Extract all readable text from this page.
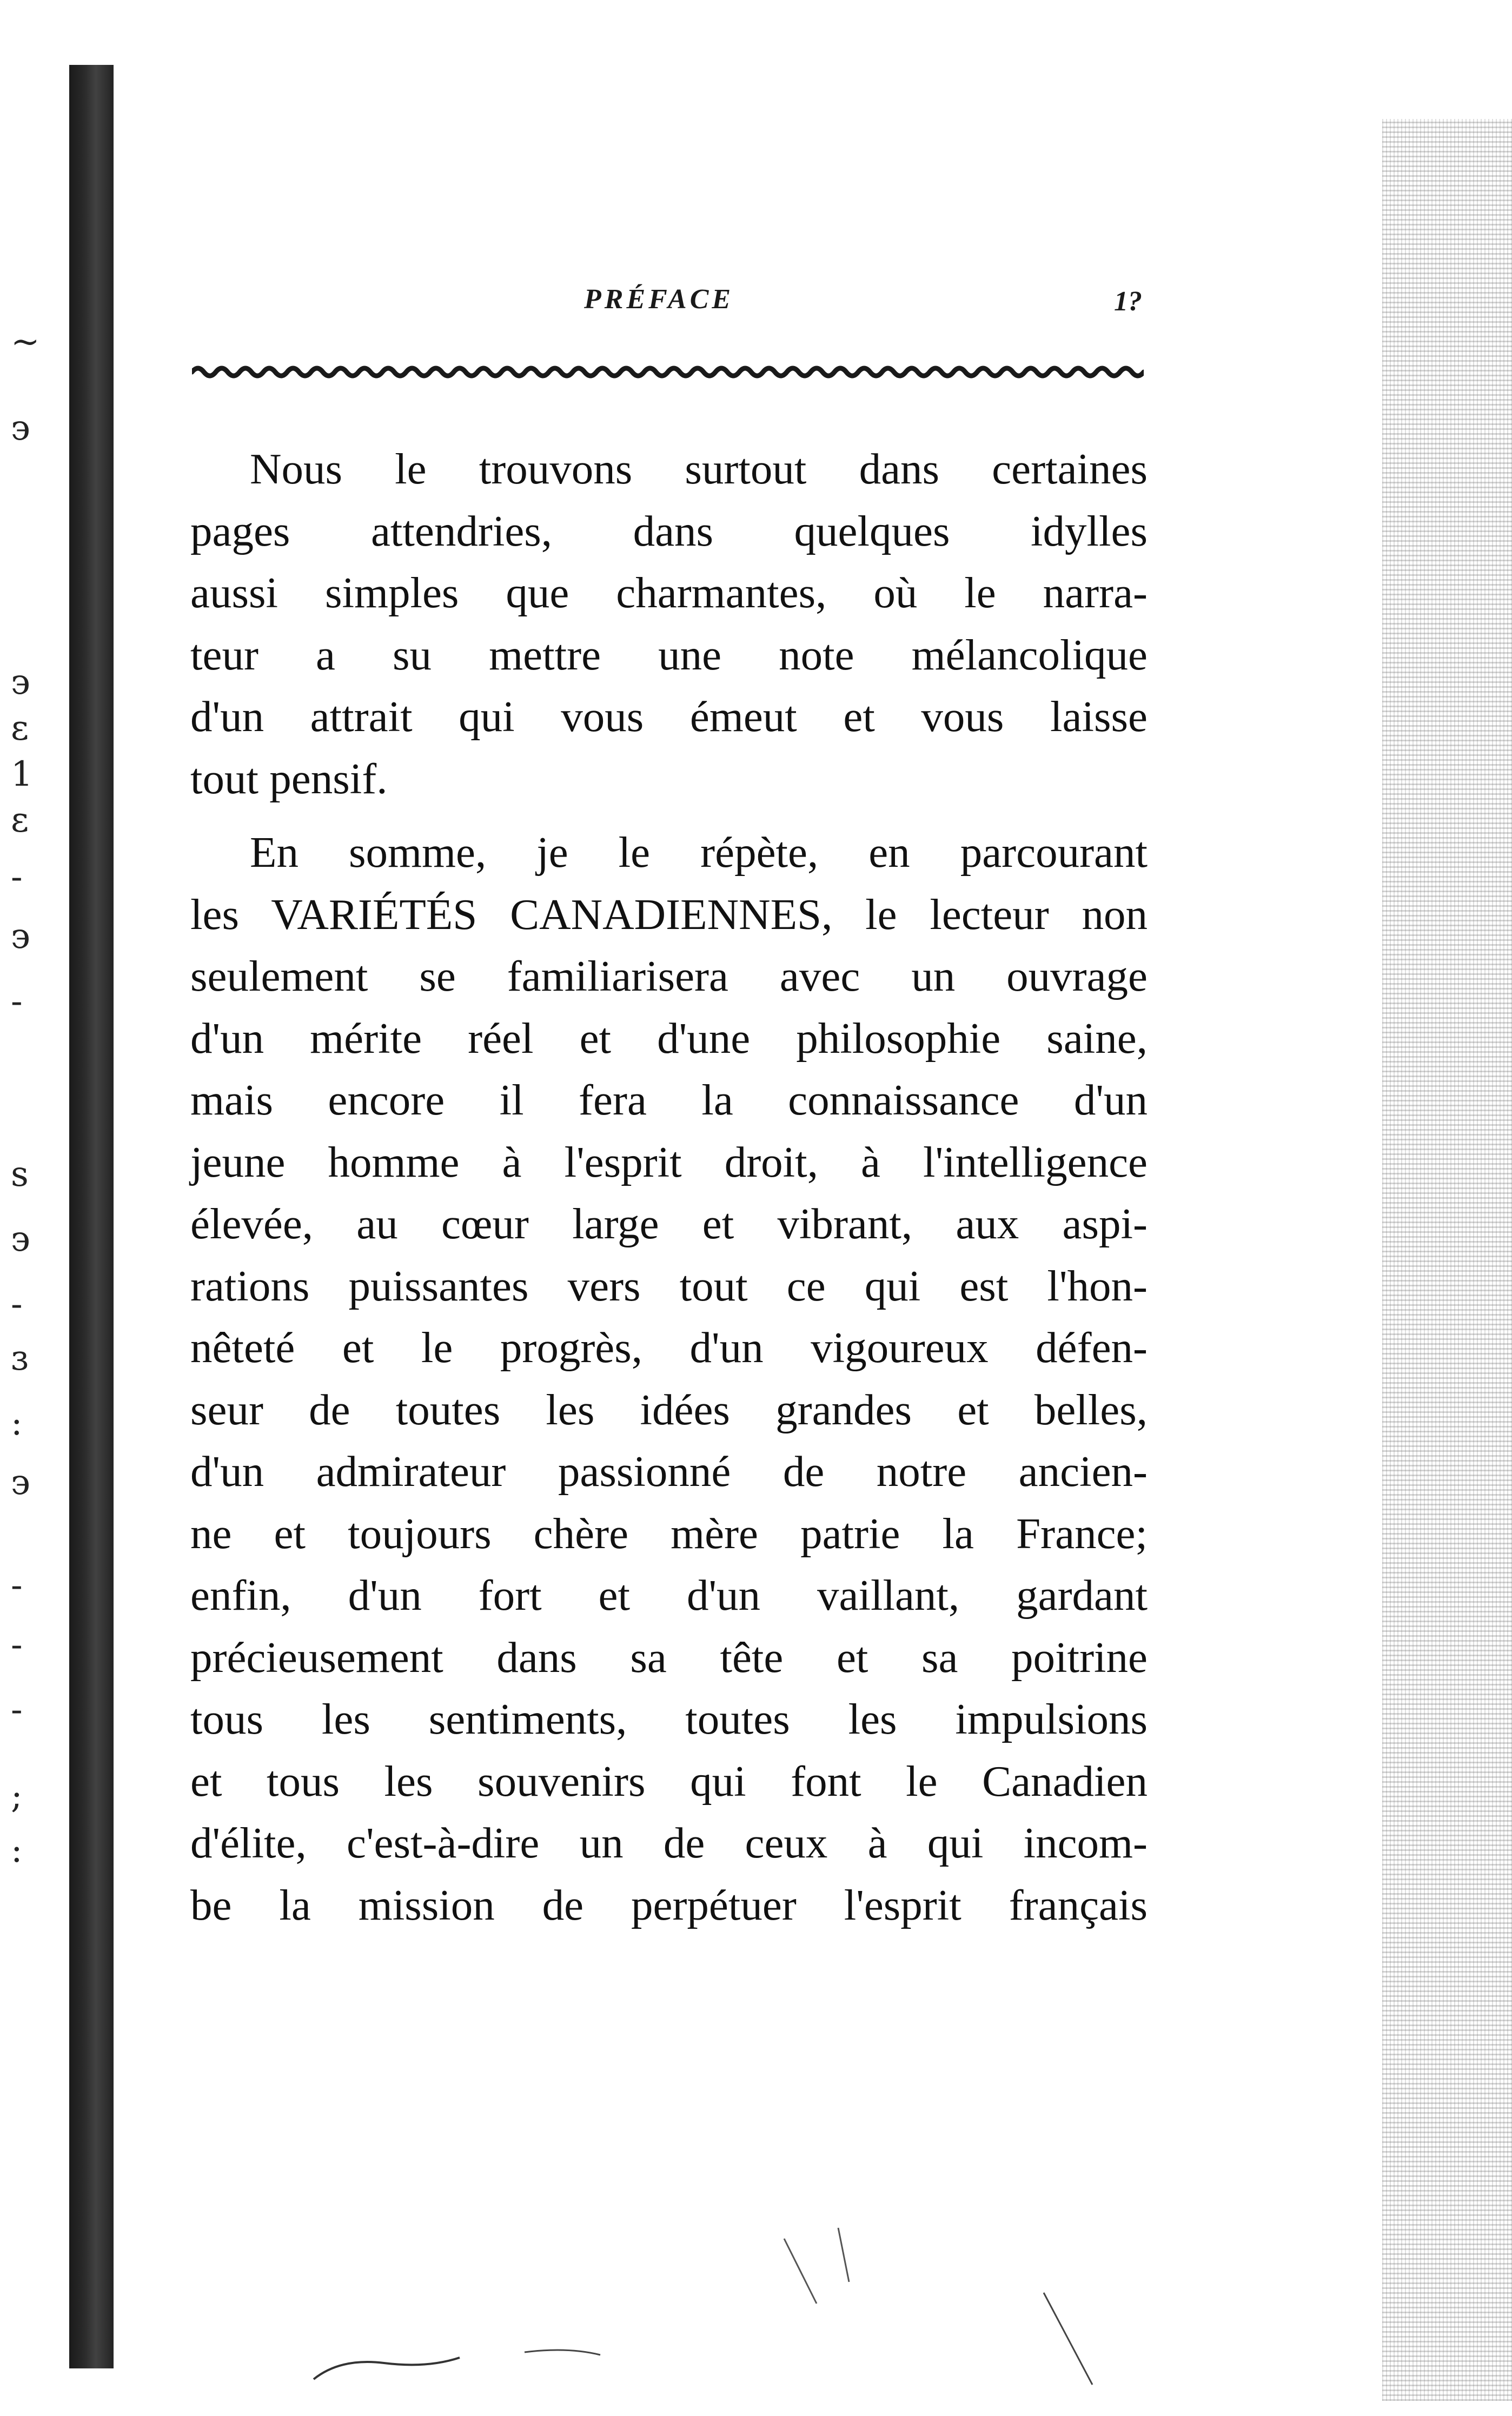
~
э
э
ɛ
1
ɛ
-
э
-
s
э
-
ɜ
:
э
-
-
-
;
:
PRÉFACE	1?
Nous le trouvons surtout dans certaines
pages attendries, dans quelques idylles
aussi simples que charmantes, où le narra-
teur a su mettre une note mélancolique
d'un attrait qui vous émeut et vous laisse
tout pensif.
En somme, je le répète, en parcourant
les VARIÉTÉS CANADIENNES, le lecteur non
seulement se familiarisera avec un ouvrage
d'un mérite réel et d'une philosophie saine,
mais encore il fera la connaissance d'un
jeune homme à l'esprit droit, à l'intelligence
élevée, au cœur large et vibrant, aux aspi-
rations puissantes vers tout ce qui est l'hon-
nêteté et le progrès, d'un vigoureux défen-
seur de toutes les idées grandes et belles,
d'un admirateur passionné de notre ancien-
ne et toujours chère mère patrie la France;
enfin, d'un fort et d'un vaillant, gardant
précieusement dans sa tête et sa poitrine
tous les sentiments, toutes les impulsions
et tous les souvenirs qui font le Canadien
d'élite, c'est-à-dire un de ceux à qui incom-
be la mission de perpétuer l'esprit français
